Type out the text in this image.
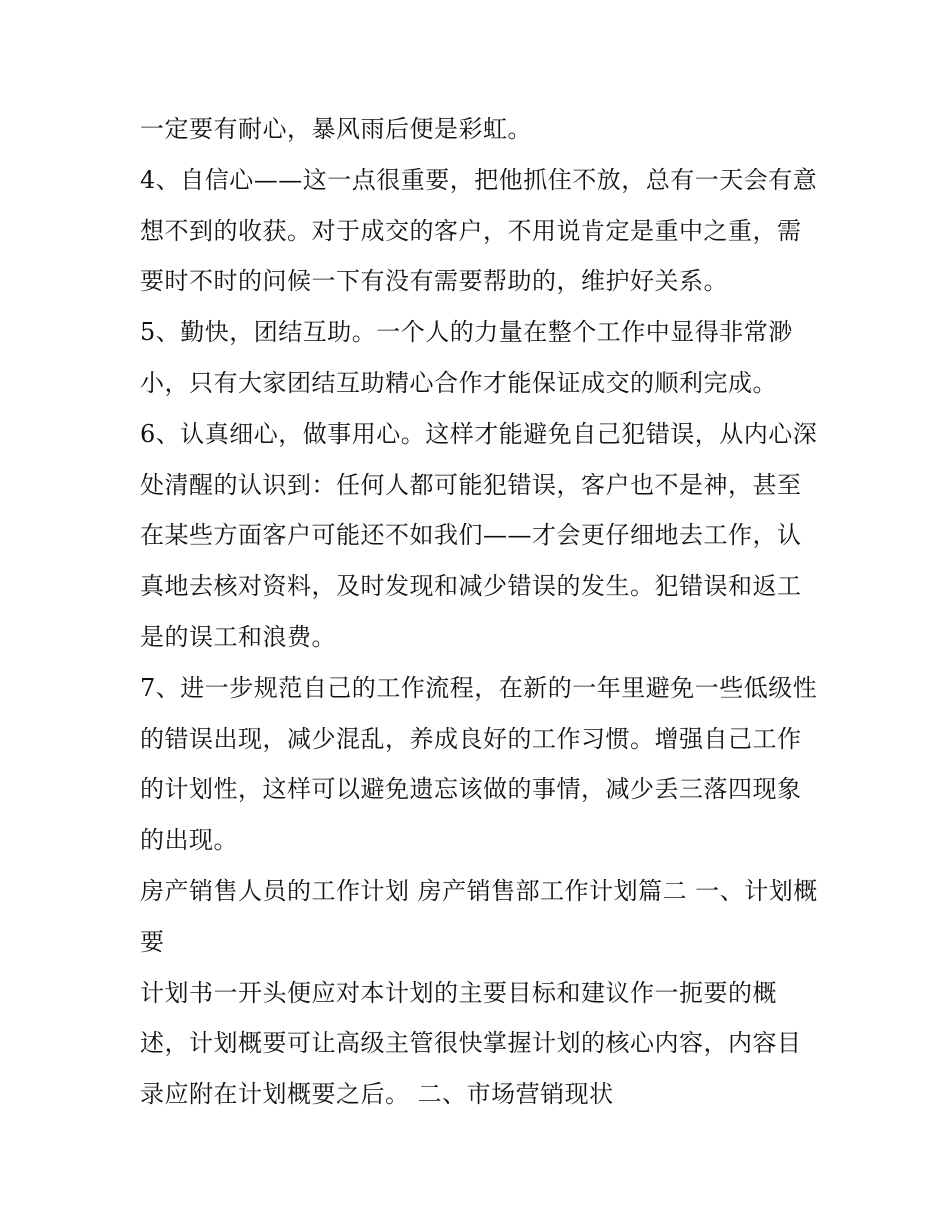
一定要有耐心，暴风雨后便是彩虹。

4、自信心——这一点很重要，把他抓住不放，总有一天会有意想不到的收获。对于成交的客户，不用说肯定是重中之重，需要时不时的问候一下有没有需要帮助的，维护好关系。

5、勤快，团结互助。一个人的力量在整个工作中显得非常渺小，只有大家团结互助精心合作才能保证成交的顺利完成。

6、认真细心，做事用心。这样才能避免自己犯错误，从内心深处清醒的认识到：任何人都可能犯错误，客户也不是神，甚至在某些方面客户可能还不如我们——才会更仔细地去工作，认真地去核对资料，及时发现和减少错误的发生。犯错误和返工是的误工和浪费。

7、进一步规范自己的工作流程，在新的一年里避免一些低级性的错误出现，减少混乱，养成良好的工作习惯。增强自己工作的计划性，这样可以避免遗忘该做的事情，减少丢三落四现象的出现。

房产销售人员的工作计划 房产销售部工作计划篇二 一、计划概要

计划书一开头便应对本计划的主要目标和建议作一扼要的概述，计划概要可让高级主管很快掌握计划的核心内容，内容目录应附在计划概要之后。 二、市场营销现状
